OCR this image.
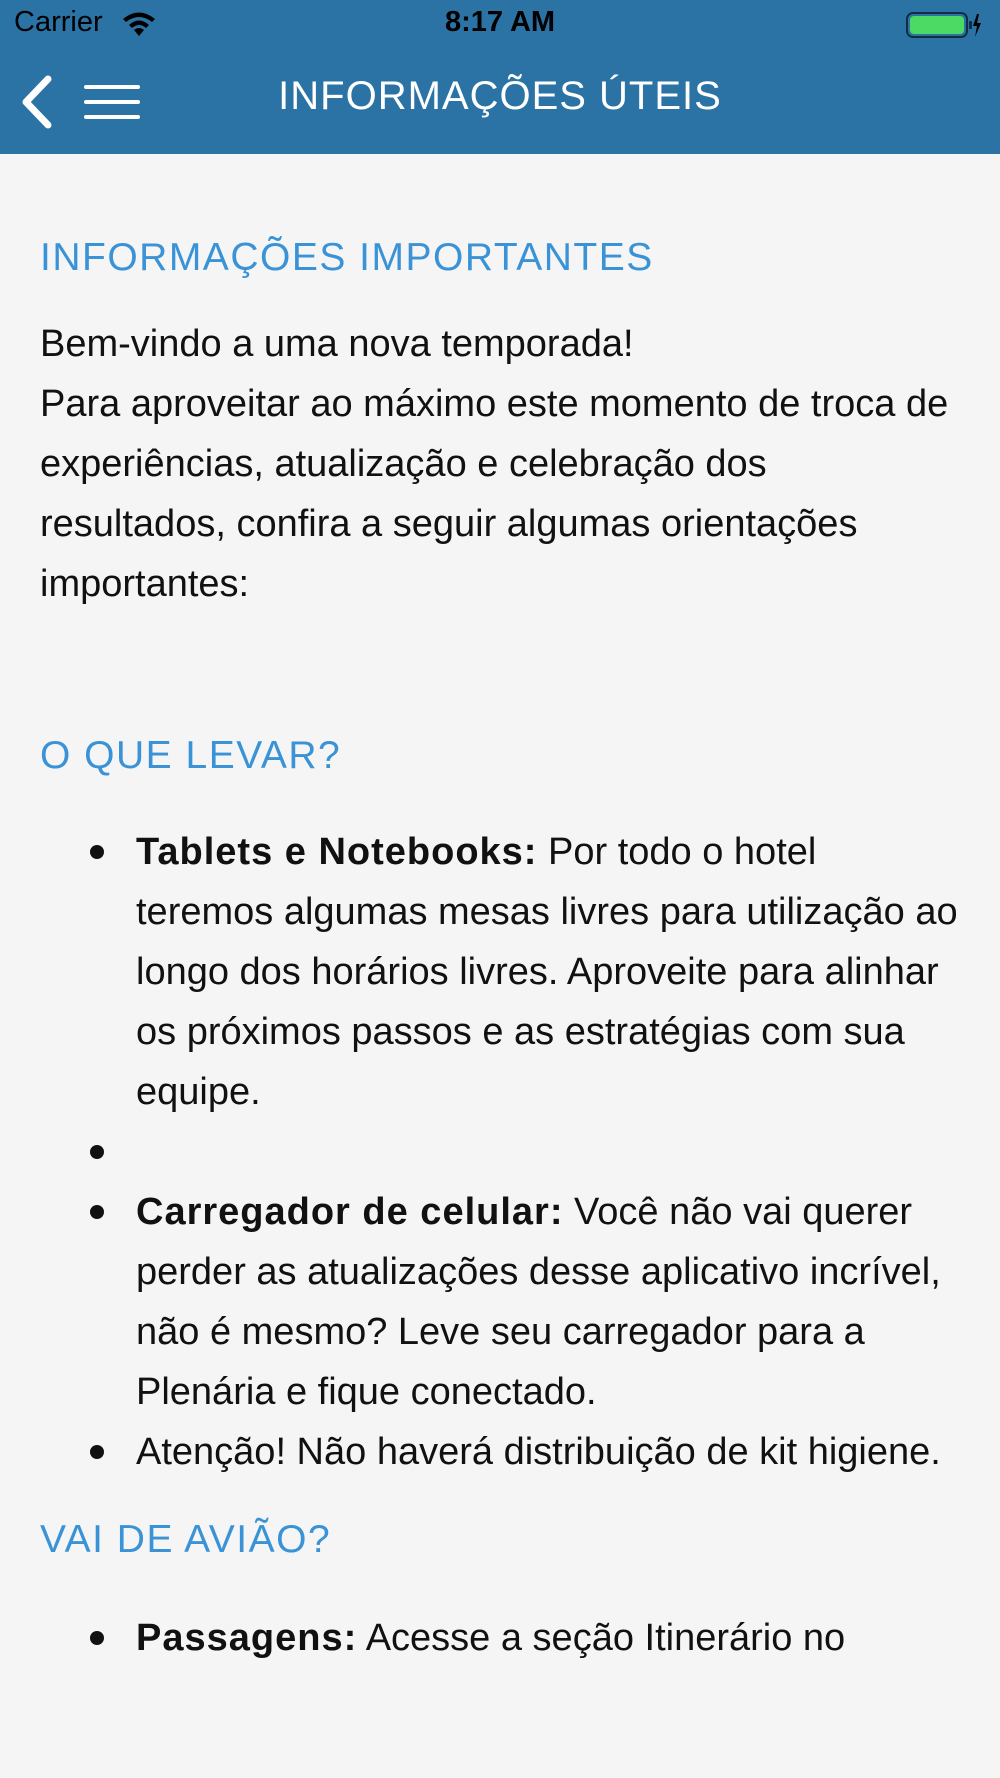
Carrier	8:17 AM
INFORMAÇÕES ÚTEIS
INFORMAÇÕES IMPORTANTES

Bem-vindo a uma nova temporada!
Para aproveitar ao máximo este momento de troca de experiências, atualização e celebração dos resultados, confira a seguir algumas orientações importantes:

O QUE LEVAR?
Tablets e Notebooks: Por todo o hotel teremos algumas mesas livres para utilização ao longo dos horários livres. Aproveite para alinhar os próximos passos e as estratégias com sua equipe.

Carregador de celular: Você não vai querer perder as atualizações desse aplicativo incrível, não é mesmo? Leve seu carregador para a Plenária e fique conectado.
Atenção! Não haverá distribuição de kit higiene.
VAI DE AVIÃO?
Passagens: Acesse a seção Itinerário no
